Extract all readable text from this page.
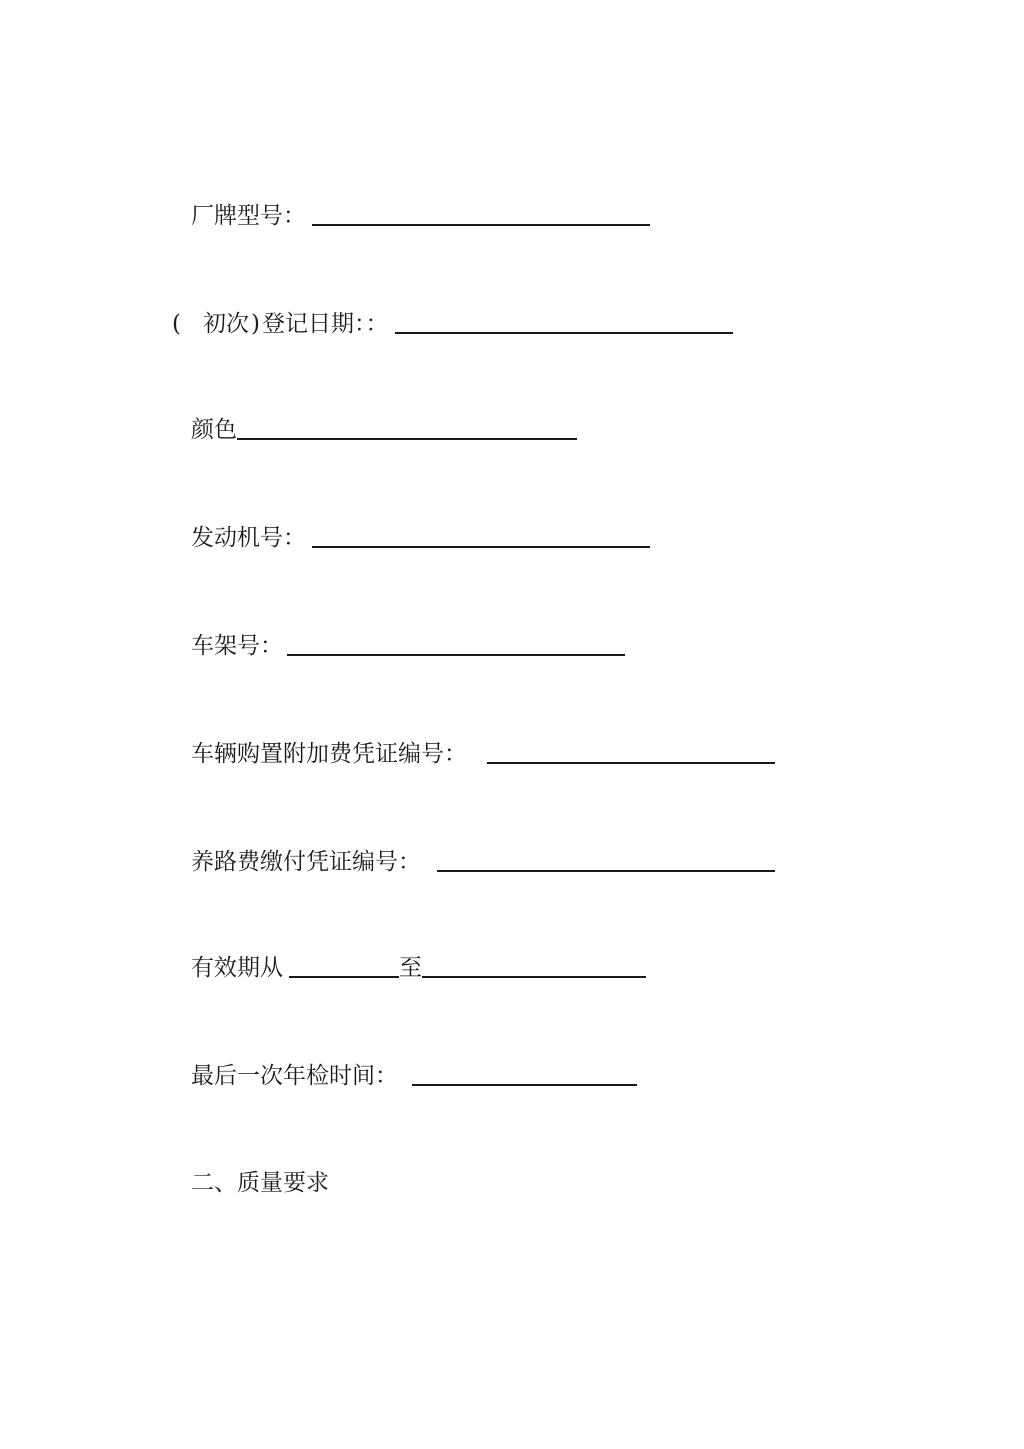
厂牌型号：
( 初次 ) 登记日期：：
颜色
发动机号：
车架号：
车辆购置附加费凭证编号：
养路费缴付凭证编号：
有效期从	至
最后一次年检时间：
二、质量要求
